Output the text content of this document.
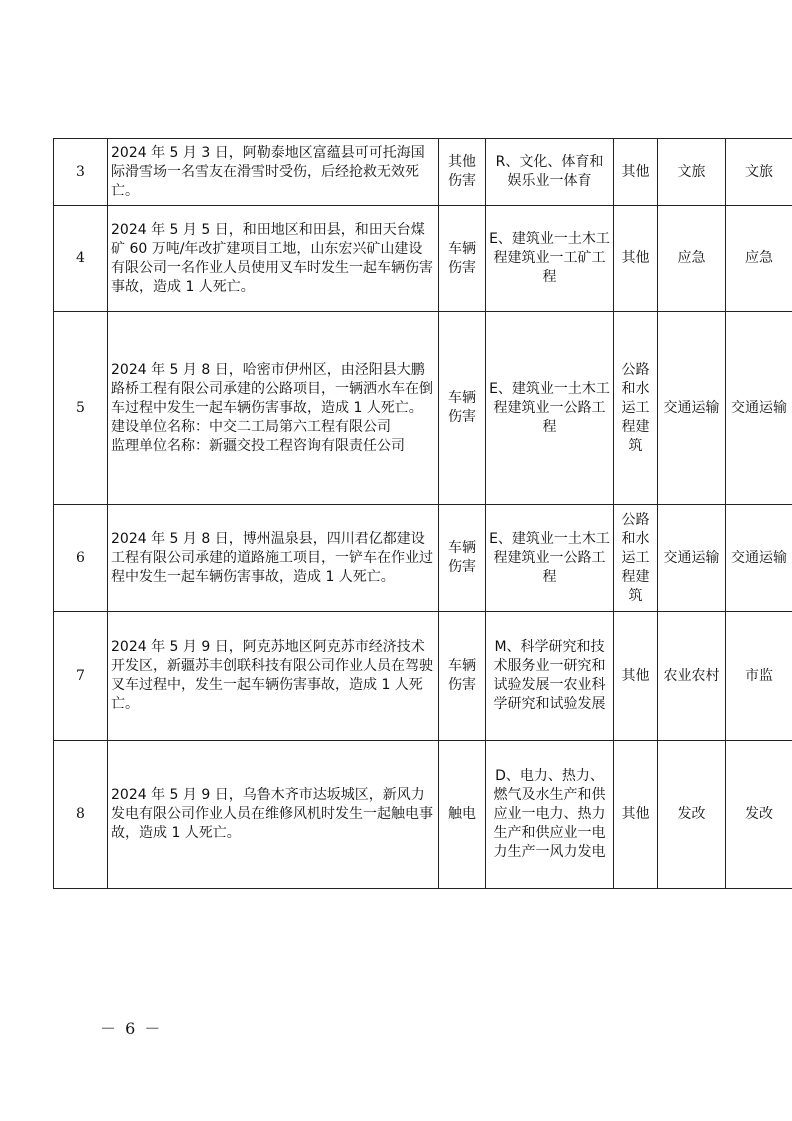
3	2024 年 5 月 3 日，阿勒泰地区富蕴县可可托海国际滑雪场一名雪友在滑雪时受伤，后经抢救无效死亡。	其他伤害	R、文化、体育和娱乐业一体育	其他	文旅	文旅
4	2024 年 5 月 5 日，和田地区和田县，和田天台煤矿 60 万吨/年改扩建项目工地，山东宏兴矿山建设有限公司一名作业人员使用叉车时发生一起车辆伤害事故，造成 1 人死亡。	车辆伤害	E、建筑业一土木工程建筑业一工矿工程	其他	应急	应急
5	2024 年 5 月 8 日，哈密市伊州区，由泾阳县大鹏路桥工程有限公司承建的公路项目，一辆洒水车在倒车过程中发生一起车辆伤害事故，造成 1 人死亡。
建设单位名称：中交二工局第六工程有限公司
监理单位名称：新疆交投工程咨询有限责任公司	车辆伤害	E、建筑业一土木工程建筑业一公路工程	公路和水运工程建筑	交通运输	交通运输
6	2024 年 5 月 8 日，博州温泉县，四川君亿都建设工程有限公司承建的道路施工项目，一铲车在作业过程中发生一起车辆伤害事故，造成 1 人死亡。	车辆伤害	E、建筑业一土木工程建筑业一公路工程	公路和水运工程建筑	交通运输	交通运输
7	2024 年 5 月 9 日，阿克苏地区阿克苏市经济技术开发区，新疆苏丰创联科技有限公司作业人员在驾驶叉车过程中，发生一起车辆伤害事故，造成 1 人死亡。	车辆伤害	M、科学研究和技术服务业一研究和试验发展一农业科学研究和试验发展	其他	农业农村	市监
8	2024 年 5 月 9 日，乌鲁木齐市达坂城区，新风力发电有限公司作业人员在维修风机时发生一起触电事故，造成 1 人死亡。	触电	D、电力、热力、燃气及水生产和供应业一电力、热力生产和供应业一电力生产一风力发电	其他	发改	发改
－ 6 －
